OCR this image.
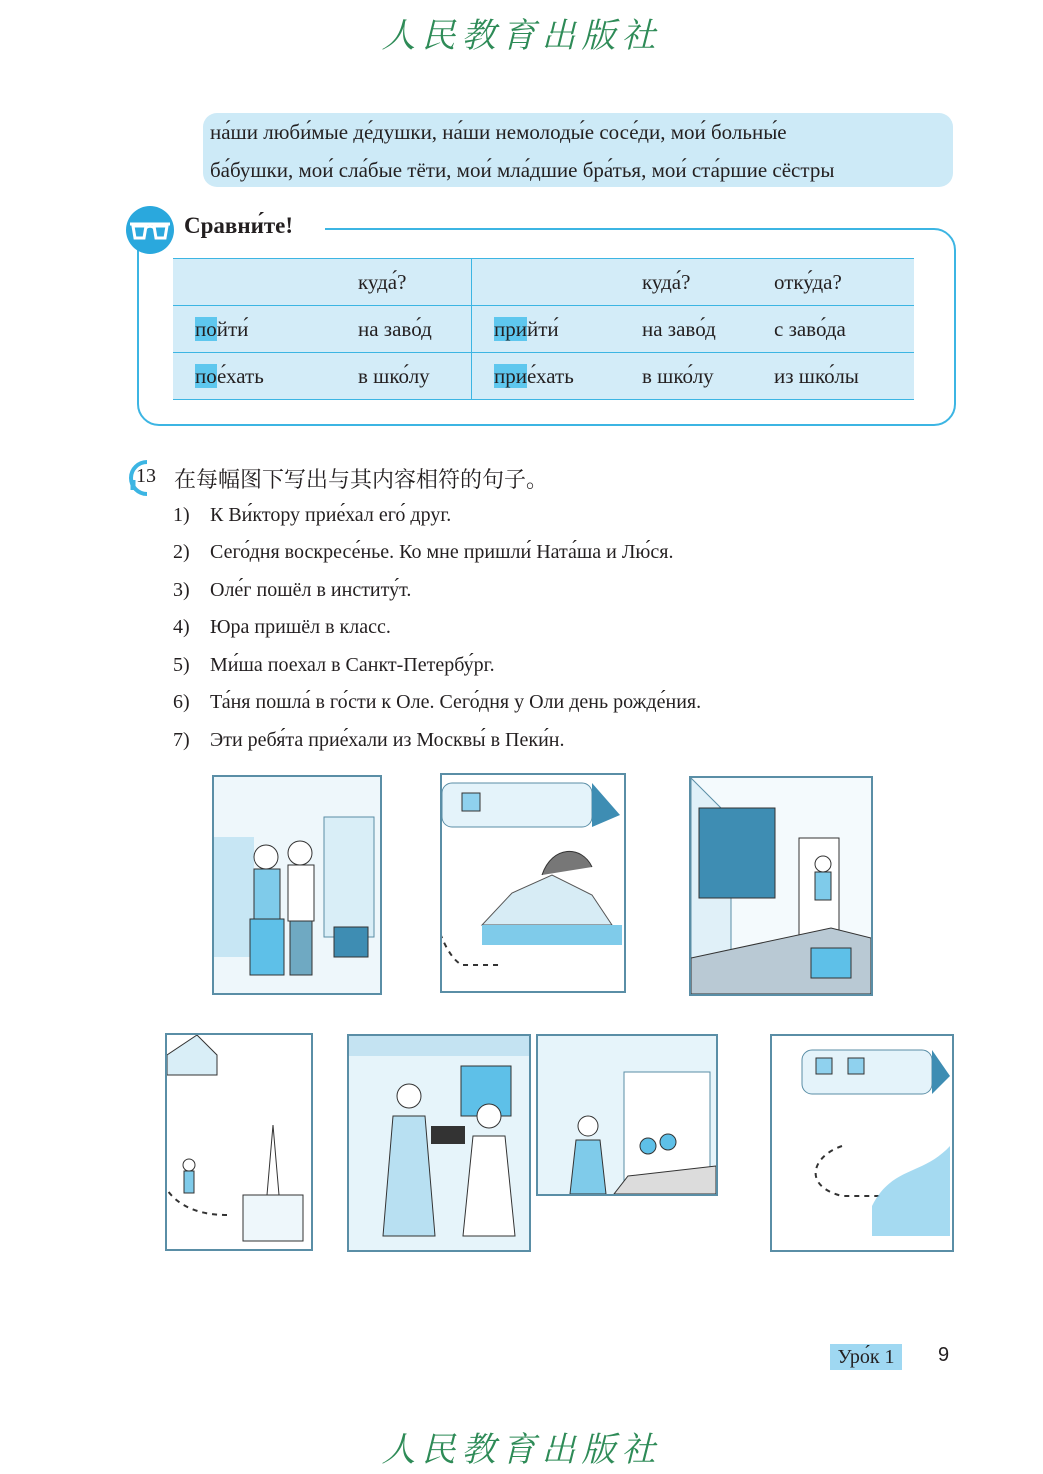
人民教育出版社
人民教育出版社
на́ши люби́мые де́душки, на́ши немолоды́е сосе́ди, мои́ больны́е
ба́бушки, мои́ сла́бые тёти, мои́ мла́дшие бра́тья, мои́ ста́ршие сёстры
Сравни́те!
	куда́?		куда́?	отку́да?
пойти́	на заво́д	прийти́	на заво́д	с заво́да
пое́хать	в шко́лу	прие́хать	в шко́лу	из шко́лы
13 在每幅图下写出与其内容相符的句子。
1) К Ви́ктору прие́хал его́ друг.
2) Сего́дня воскресе́нье. Ко мне пришли́ Ната́ша и Лю́ся.
3) Оле́г пошёл в институ́т.
4) Юра пришёл в класс.
5) Ми́ша поехал в Санкт-Петербу́рг.
6) Та́ня пошла́ в го́сти к Оле. Сего́дня у Оли день рожде́ния.
7) Эти ребя́та прие́хали из Москвы́ в Пеки́н.
Уро́к 1	9
